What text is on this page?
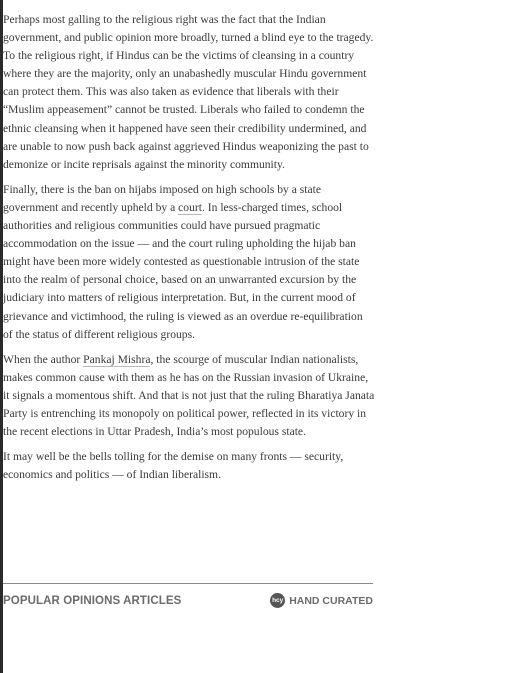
Perhaps most galling to the religious right was the fact that the Indian government, and public opinion more broadly, turned a blind eye to the tragedy. To the religious right, if Hindus can be the victims of cleansing in a country where they are the majority, only an unabashedly muscular Hindu government can protect them. This was also taken as evidence that liberals with their “Muslim appeasement” cannot be trusted. Liberals who failed to condemn the ethnic cleansing when it happened have seen their credibility undermined, and are unable to now push back against aggrieved Hindus weaponizing the past to demonize or incite reprisals against the minority community.

Finally, there is the ban on hijabs imposed on high schools by a state government and recently upheld by a court. In less-charged times, school authorities and religious communities could have pursued pragmatic accommodation on the issue — and the court ruling upholding the hijab ban might have been more widely contested as questionable intrusion of the state into the realm of personal choice, based on an unwarranted excursion by the judiciary into matters of religious interpretation. But, in the current mood of grievance and victimhood, the ruling is viewed as an overdue re-equilibration of the status of different religious groups.

When the author Pankaj Mishra, the scourge of muscular Indian nationalists, makes common cause with them as he has on the Russian invasion of Ukraine, it signals a momentous shift. And that is not just that the ruling Bharatiya Janata Party is entrenching its monopoly on political power, reflected in its victory in the recent elections in Uttar Pradesh, India’s most populous state.

It may well be the bells tolling for the demise on many fronts — security, economics and politics — of Indian liberalism.

POPULAR OPINIONS ARTICLES	hcy HAND CURATED
